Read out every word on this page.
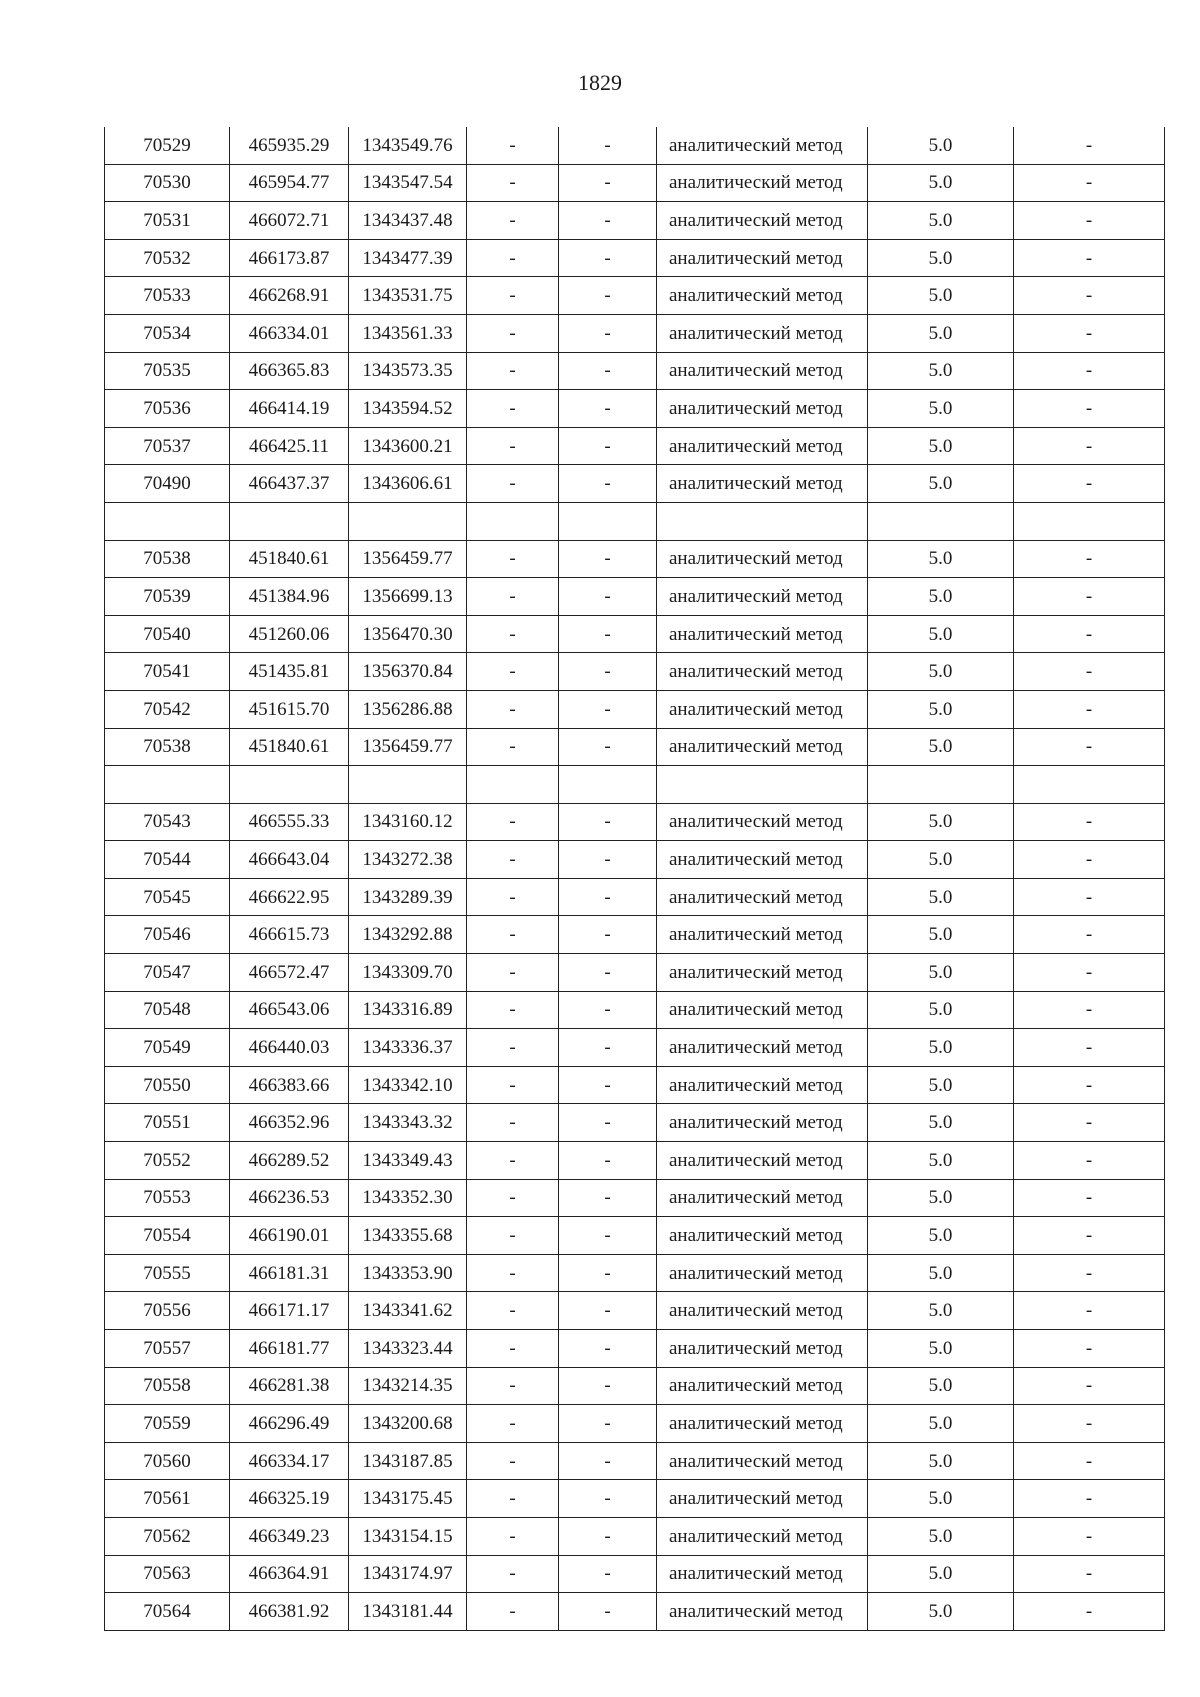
1829
70529	465935.29	1343549.76	-	-	аналитический метод	5.0	-
70530	465954.77	1343547.54	-	-	аналитический метод	5.0	-
70531	466072.71	1343437.48	-	-	аналитический метод	5.0	-
70532	466173.87	1343477.39	-	-	аналитический метод	5.0	-
70533	466268.91	1343531.75	-	-	аналитический метод	5.0	-
70534	466334.01	1343561.33	-	-	аналитический метод	5.0	-
70535	466365.83	1343573.35	-	-	аналитический метод	5.0	-
70536	466414.19	1343594.52	-	-	аналитический метод	5.0	-
70537	466425.11	1343600.21	-	-	аналитический метод	5.0	-
70490	466437.37	1343606.61	-	-	аналитический метод	5.0	-

70538	451840.61	1356459.77	-	-	аналитический метод	5.0	-
70539	451384.96	1356699.13	-	-	аналитический метод	5.0	-
70540	451260.06	1356470.30	-	-	аналитический метод	5.0	-
70541	451435.81	1356370.84	-	-	аналитический метод	5.0	-
70542	451615.70	1356286.88	-	-	аналитический метод	5.0	-
70538	451840.61	1356459.77	-	-	аналитический метод	5.0	-

70543	466555.33	1343160.12	-	-	аналитический метод	5.0	-
70544	466643.04	1343272.38	-	-	аналитический метод	5.0	-
70545	466622.95	1343289.39	-	-	аналитический метод	5.0	-
70546	466615.73	1343292.88	-	-	аналитический метод	5.0	-
70547	466572.47	1343309.70	-	-	аналитический метод	5.0	-
70548	466543.06	1343316.89	-	-	аналитический метод	5.0	-
70549	466440.03	1343336.37	-	-	аналитический метод	5.0	-
70550	466383.66	1343342.10	-	-	аналитический метод	5.0	-
70551	466352.96	1343343.32	-	-	аналитический метод	5.0	-
70552	466289.52	1343349.43	-	-	аналитический метод	5.0	-
70553	466236.53	1343352.30	-	-	аналитический метод	5.0	-
70554	466190.01	1343355.68	-	-	аналитический метод	5.0	-
70555	466181.31	1343353.90	-	-	аналитический метод	5.0	-
70556	466171.17	1343341.62	-	-	аналитический метод	5.0	-
70557	466181.77	1343323.44	-	-	аналитический метод	5.0	-
70558	466281.38	1343214.35	-	-	аналитический метод	5.0	-
70559	466296.49	1343200.68	-	-	аналитический метод	5.0	-
70560	466334.17	1343187.85	-	-	аналитический метод	5.0	-
70561	466325.19	1343175.45	-	-	аналитический метод	5.0	-
70562	466349.23	1343154.15	-	-	аналитический метод	5.0	-
70563	466364.91	1343174.97	-	-	аналитический метод	5.0	-
70564	466381.92	1343181.44	-	-	аналитический метод	5.0	-
